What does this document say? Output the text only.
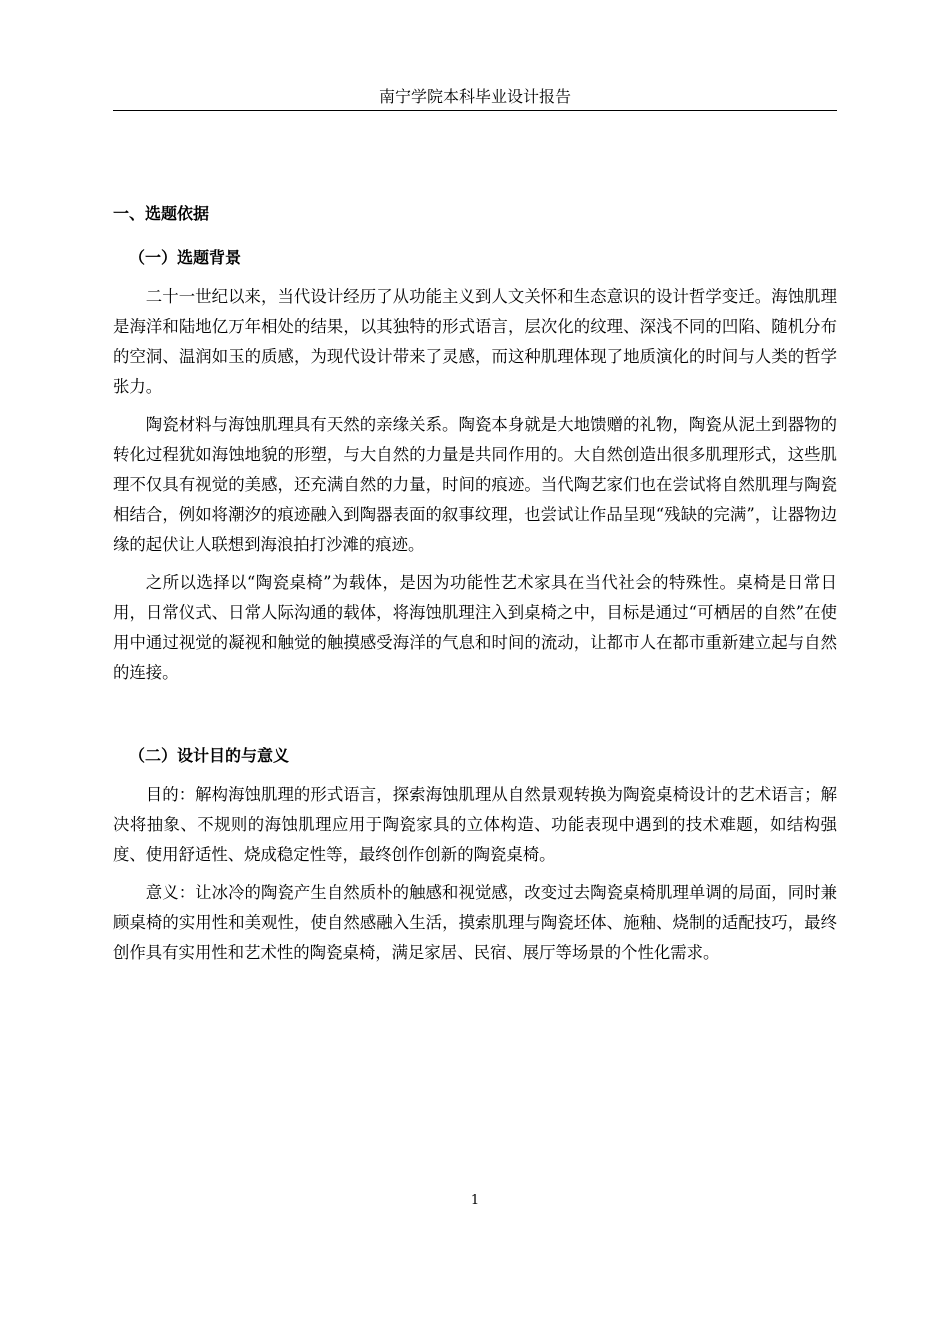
南宁学院本科毕业设计报告
一、选题依据
（一）选题背景

二十一世纪以来，当代设计经历了从功能主义到人文关怀和生态意识的设计哲学变迁。海蚀肌理是海洋和陆地亿万年相处的结果，以其独特的形式语言，层次化的纹理、深浅不同的凹陷、随机分布的空洞、温润如玉的质感，为现代设计带来了灵感，而这种肌理体现了地质演化的时间与人类的哲学张力。

陶瓷材料与海蚀肌理具有天然的亲缘关系。陶瓷本身就是大地馈赠的礼物，陶瓷从泥土到器物的转化过程犹如海蚀地貌的形塑，与大自然的力量是共同作用的。大自然创造出很多肌理形式，这些肌理不仅具有视觉的美感，还充满自然的力量，时间的痕迹。当代陶艺家们也在尝试将自然肌理与陶瓷相结合，例如将潮汐的痕迹融入到陶器表面的叙事纹理，也尝试让作品呈现“残缺的完满”，让器物边缘的起伏让人联想到海浪拍打沙滩的痕迹。

之所以选择以“陶瓷桌椅”为载体，是因为功能性艺术家具在当代社会的特殊性。桌椅是日常日用，日常仪式、日常人际沟通的载体，将海蚀肌理注入到桌椅之中，目标是通过“可栖居的自然”在使用中通过视觉的凝视和触觉的触摸感受海洋的气息和时间的流动，让都市人在都市重新建立起与自然的连接。

（二）设计目的与意义

目的：解构海蚀肌理的形式语言，探索海蚀肌理从自然景观转换为陶瓷桌椅设计的艺术语言；解决将抽象、不规则的海蚀肌理应用于陶瓷家具的立体构造、功能表现中遇到的技术难题，如结构强度、使用舒适性、烧成稳定性等，最终创作创新的陶瓷桌椅。

意义：让冰冷的陶瓷产生自然质朴的触感和视觉感，改变过去陶瓷桌椅肌理单调的局面，同时兼顾桌椅的实用性和美观性，使自然感融入生活，摸索肌理与陶瓷坯体、施釉、烧制的适配技巧，最终创作具有实用性和艺术性的陶瓷桌椅，满足家居、民宿、展厅等场景的个性化需求。

1
